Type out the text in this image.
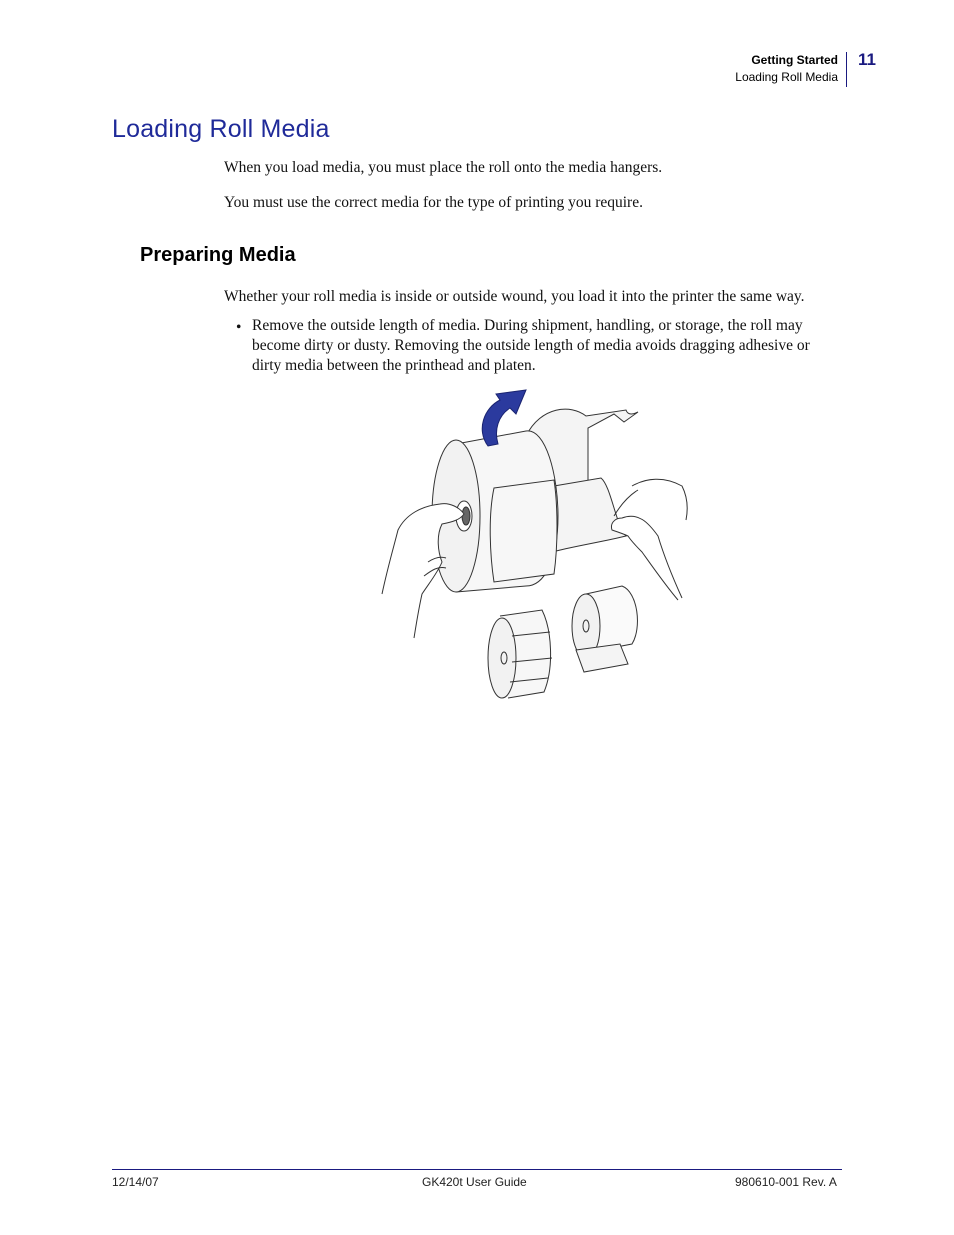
Getting Started
Loading Roll Media
11
Loading Roll Media

When you load media, you must place the roll onto the media hangers.

You must use the correct media for the type of printing you require.

Preparing Media

Whether your roll media is inside or outside wound, you load it into the printer the same way.

• Remove the outside length of media. During shipment, handling, or storage, the roll may become dirty or dusty. Removing the outside length of media avoids dragging adhesive or dirty media between the printhead and platen.

12/14/07	GK420t User Guide	980610-001 Rev. A
